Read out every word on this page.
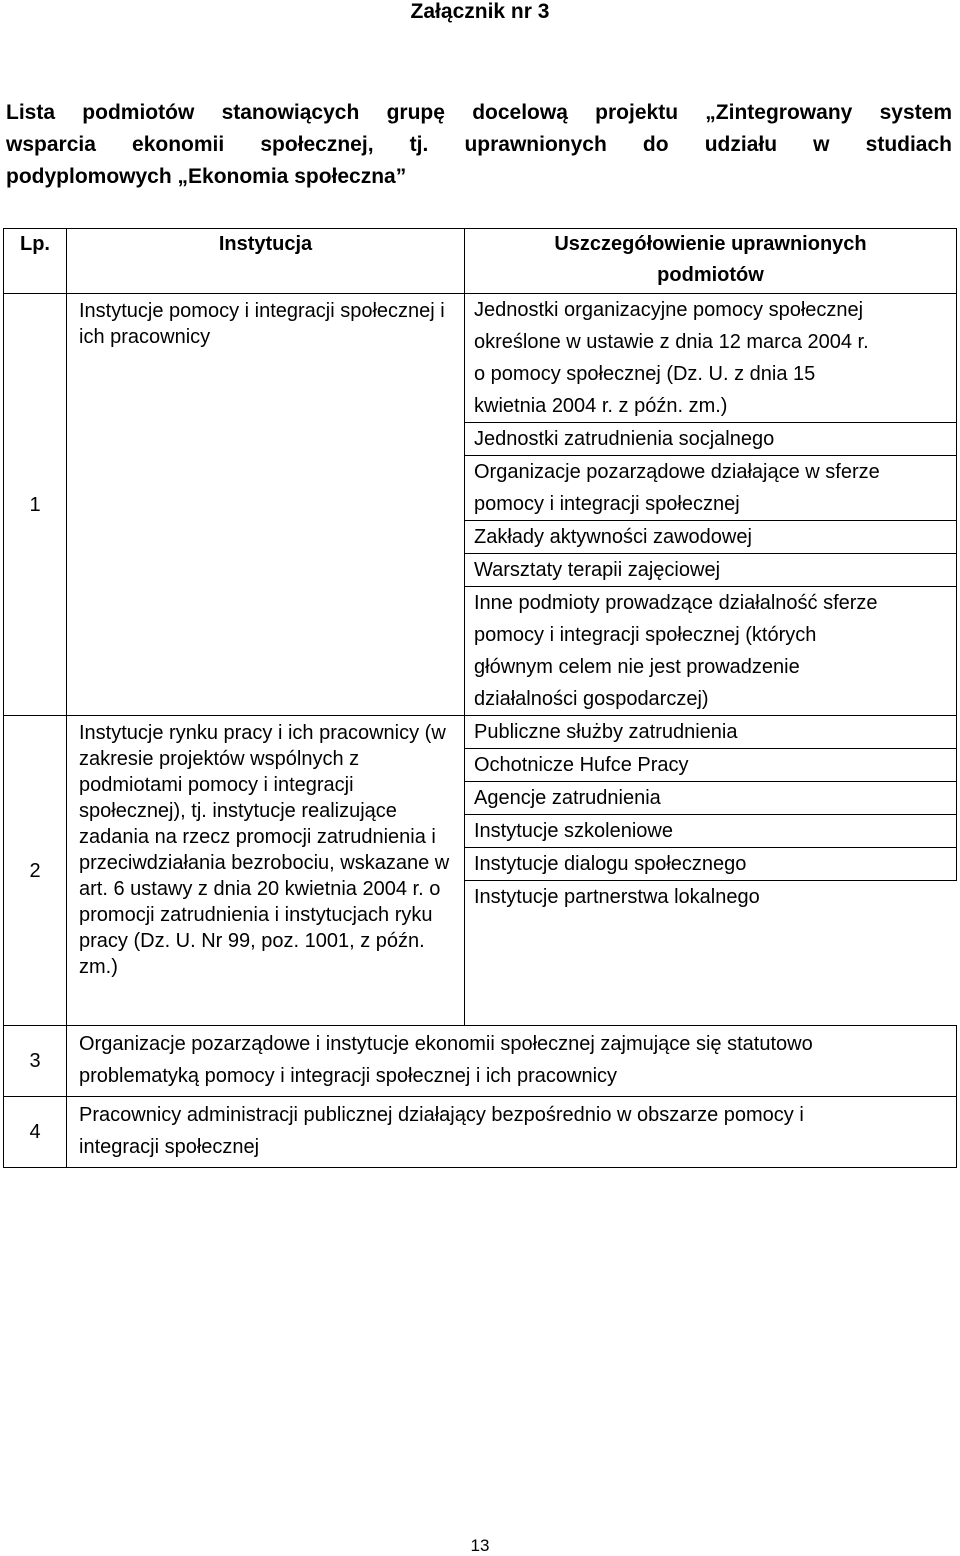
Załącznik nr 3
Lista podmiotów stanowiących grupę docelową projektu „Zintegrowany system
wsparcia ekonomii społecznej, tj. uprawnionych do udziału w studiach
podyplomowych „Ekonomia społeczna”
Lp.	Instytucja	Uszczegółowienie uprawnionych
podmiotów

1	Instytucje pomocy i integracji społecznej i ich pracownicy	Jednostki organizacyjne pomocy społecznej
określone w ustawie z dnia 12 marca 2004 r.
o pomocy społecznej (Dz. U. z dnia 15
kwietnia 2004 r. z późn. zm.)

		Jednostki zatrudnienia socjalnego

		Organizacje pozarządowe działające w sferze
pomocy i integracji społecznej

		Zakłady aktywności zawodowej

		Warsztaty terapii zajęciowej

		Inne podmioty prowadzące działalność sferze
pomocy i integracji społecznej (których
głównym celem nie jest prowadzenie
działalności gospodarczej)

2	Instytucje rynku pracy i ich pracownicy (w zakresie projektów wspólnych z podmiotami pomocy i integracji społecznej), tj. instytucje realizujące zadania na rzecz promocji zatrudnienia i przeciwdziałania bezrobociu, wskazane w art. 6 ustawy z dnia 20 kwietnia 2004 r. o promocji zatrudnienia i instytucjach ryku pracy (Dz. U. Nr 99, poz. 1001, z późn. zm.)	Publiczne służby zatrudnienia

		Ochotnicze Hufce Pracy

		Agencje zatrudnienia

		Instytucje szkoleniowe

		Instytucje dialogu społecznego

		Instytucje partnerstwa lokalnego

3	Organizacje pozarządowe i instytucje ekonomii społecznej zajmujące się statutowo
problematyką pomocy i integracji społecznej i ich pracownicy	

4	Pracownicy administracji publicznej działający bezpośrednio w obszarze pomocy i
integracji społecznej	
13
